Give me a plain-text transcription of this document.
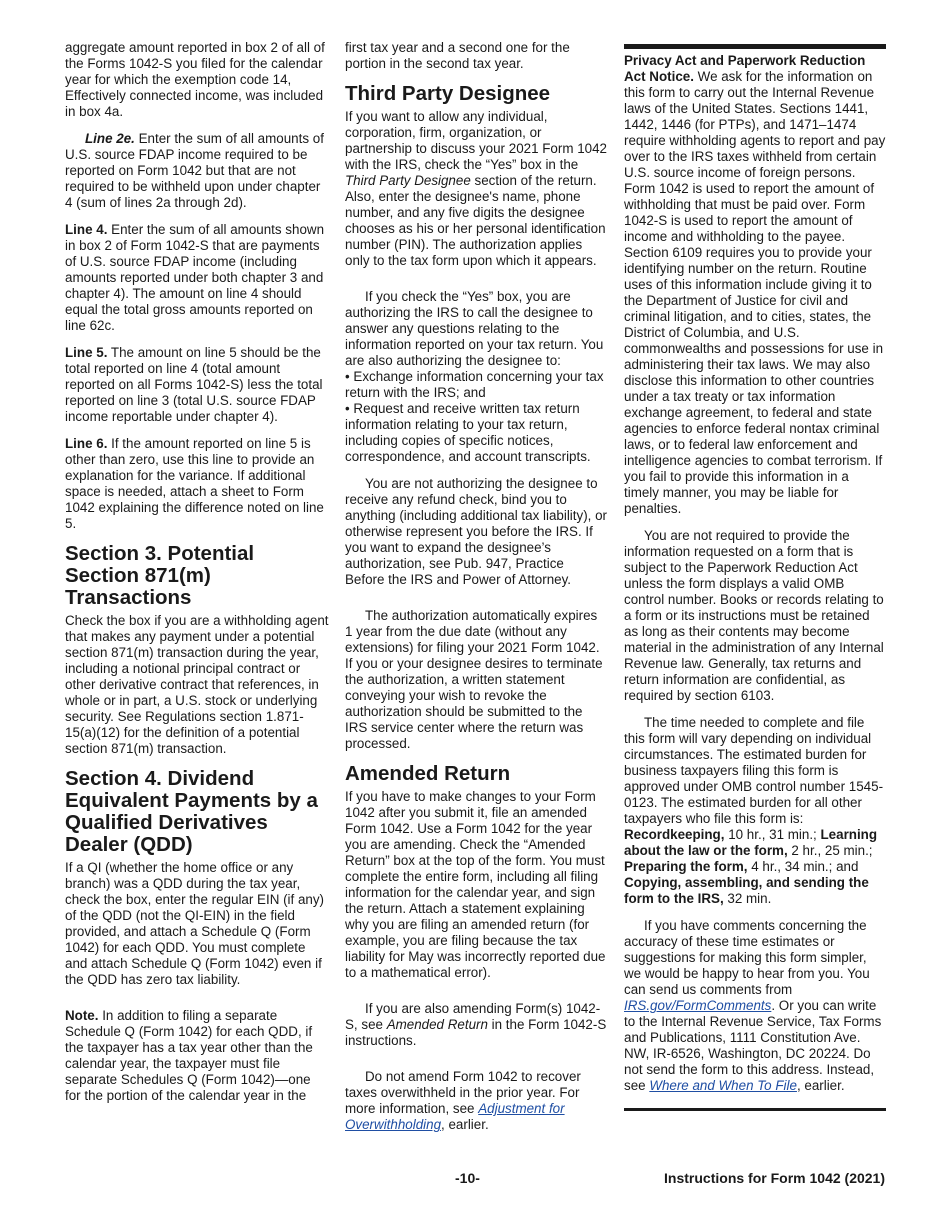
aggregate amount reported in box 2 of all of the Forms 1042-S you filed for the calendar year for which the exemption code 14, Effectively connected income, was included in box 4a.

Line 2e. Enter the sum of all amounts of U.S. source FDAP income required to be reported on Form 1042 but that are not required to be withheld upon under chapter 4 (sum of lines 2a through 2d).

Line 4. Enter the sum of all amounts shown in box 2 of Form 1042-S that are payments of U.S. source FDAP income (including amounts reported under both chapter 3 and chapter 4). The amount on line 4 should equal the total gross amounts reported on line 62c.

Line 5. The amount on line 5 should be the total reported on line 4 (total amount reported on all Forms 1042-S) less the total reported on line 3 (total U.S. source FDAP income reportable under chapter 4).

Line 6. If the amount reported on line 5 is other than zero, use this line to provide an explanation for the variance. If additional space is needed, attach a sheet to Form 1042 explaining the difference noted on line 5.

Section 3. Potential Section 871(m) Transactions

Check the box if you are a withholding agent that makes any payment under a potential section 871(m) transaction during the year, including a notional principal contract or other derivative contract that references, in whole or in part, a U.S. stock or underlying security. See Regulations section 1.871-15(a)(12) for the definition of a potential section 871(m) transaction.

Section 4. Dividend Equivalent Payments by a Qualified Derivatives Dealer (QDD)

If a QI (whether the home office or any branch) was a QDD during the tax year, check the box, enter the regular EIN (if any) of the QDD (not the QI-EIN) in the field provided, and attach a Schedule Q (Form 1042) for each QDD. You must complete and attach Schedule Q (Form 1042) even if the QDD has zero tax liability.

Note. In addition to filing a separate Schedule Q (Form 1042) for each QDD, if the taxpayer has a tax year other than the calendar year, the taxpayer must file separate Schedules Q (Form 1042)—one for the portion of the calendar year in the

first tax year and a second one for the portion in the second tax year.

Third Party Designee

If you want to allow any individual, corporation, firm, organization, or partnership to discuss your 2021 Form 1042 with the IRS, check the “Yes” box in the Third Party Designee section of the return. Also, enter the designee's name, phone number, and any five digits the designee chooses as his or her personal identification number (PIN). The authorization applies only to the tax form upon which it appears.

If you check the “Yes” box, you are authorizing the IRS to call the designee to answer any questions relating to the information reported on your tax return. You are also authorizing the designee to:

• Exchange information concerning your tax return with the IRS; and

• Request and receive written tax return information relating to your tax return, including copies of specific notices, correspondence, and account transcripts.

You are not authorizing the designee to receive any refund check, bind you to anything (including additional tax liability), or otherwise represent you before the IRS. If you want to expand the designee’s authorization, see Pub. 947, Practice Before the IRS and Power of Attorney.

The authorization automatically expires 1 year from the due date (without any extensions) for filing your 2021 Form 1042. If you or your designee desires to terminate the authorization, a written statement conveying your wish to revoke the authorization should be submitted to the IRS service center where the return was processed.

Amended Return

If you have to make changes to your Form 1042 after you submit it, file an amended Form 1042. Use a Form 1042 for the year you are amending. Check the “Amended Return” box at the top of the form. You must complete the entire form, including all filing information for the calendar year, and sign the return. Attach a statement explaining why you are filing an amended return (for example, you are filing because the tax liability for May was incorrectly reported due to a mathematical error).

If you are also amending Form(s) 1042-S, see Amended Return in the Form 1042-S instructions.

Do not amend Form 1042 to recover taxes overwithheld in the prior year. For more information, see Adjustment for Overwithholding, earlier.

Privacy Act and Paperwork Reduction Act Notice. We ask for the information on this form to carry out the Internal Revenue laws of the United States. Sections 1441, 1442, 1446 (for PTPs), and 1471–1474 require withholding agents to report and pay over to the IRS taxes withheld from certain U.S. source income of foreign persons. Form 1042 is used to report the amount of withholding that must be paid over. Form 1042-S is used to report the amount of income and withholding to the payee. Section 6109 requires you to provide your identifying number on the return. Routine uses of this information include giving it to the Department of Justice for civil and criminal litigation, and to cities, states, the District of Columbia, and U.S. commonwealths and possessions for use in administering their tax laws. We may also disclose this information to other countries under a tax treaty or tax information exchange agreement, to federal and state agencies to enforce federal nontax criminal laws, or to federal law enforcement and intelligence agencies to combat terrorism. If you fail to provide this information in a timely manner, you may be liable for penalties.

You are not required to provide the information requested on a form that is subject to the Paperwork Reduction Act unless the form displays a valid OMB control number. Books or records relating to a form or its instructions must be retained as long as their contents may become material in the administration of any Internal Revenue law. Generally, tax returns and return information are confidential, as required by section 6103.

The time needed to complete and file this form will vary depending on individual circumstances. The estimated burden for business taxpayers filing this form is approved under OMB control number 1545-0123. The estimated burden for all other taxpayers who file this form is: Recordkeeping, 10 hr., 31 min.; Learning about the law or the form, 2 hr., 25 min.; Preparing the form, 4 hr., 34 min.; and Copying, assembling, and sending the form to the IRS, 32 min.

If you have comments concerning the accuracy of these time estimates or suggestions for making this form simpler, we would be happy to hear from you. You can send us comments from IRS.gov/FormComments. Or you can write to the Internal Revenue Service, Tax Forms and Publications, 1111 Constitution Ave. NW, IR-6526, Washington, DC 20224. Do not send the form to this address. Instead, see Where and When To File, earlier.

-10-	Instructions for Form 1042 (2021)
